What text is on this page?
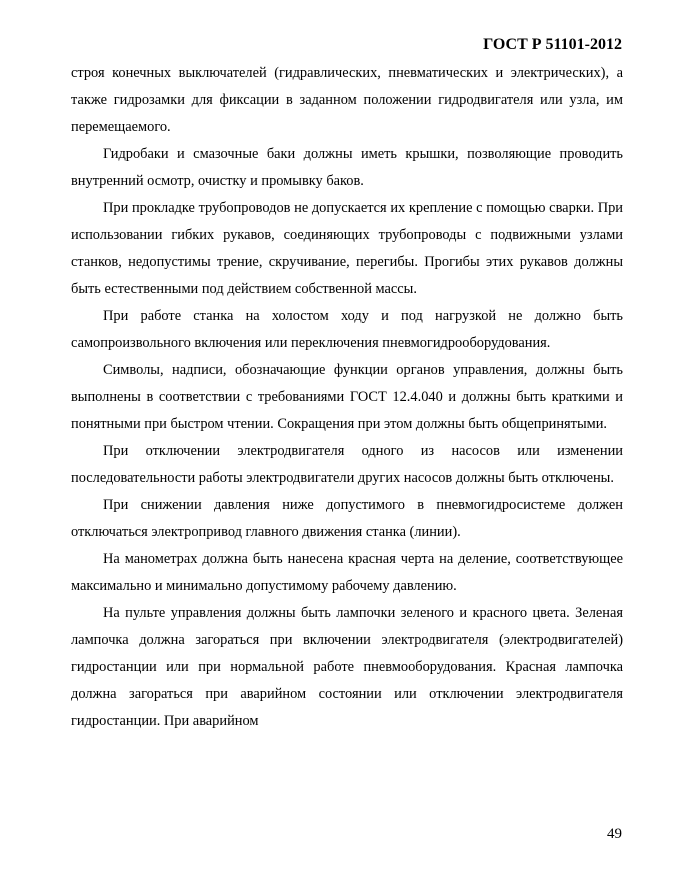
ГОСТ Р 51101-2012

строя конечных выключателей (гидравлических, пневматических и электрических), а также гидрозамки для фиксации в заданном положении гидродвигателя или узла, им перемещаемого.

Гидробаки и смазочные баки должны иметь крышки, позволяющие проводить внутренний осмотр, очистку и промывку баков.

При прокладке трубопроводов не допускается их крепление с помощью сварки. При использовании гибких рукавов, соединяющих трубопроводы с подвижными узлами станков, недопустимы трение, скручивание, перегибы. Прогибы этих рукавов должны быть естественными под действием собственной массы.

При работе станка на холостом ходу и под нагрузкой не должно быть самопроизвольного включения или переключения пневмогидрооборудования.

Символы, надписи, обозначающие функции органов управления, должны быть выполнены в соответствии с требованиями ГОСТ 12.4.040 и должны быть краткими и понятными при быстром чтении. Сокращения при этом должны быть общепринятыми.

При отключении электродвигателя одного из насосов или изменении последовательности работы электродвигатели других насосов должны быть отключены.

При снижении давления ниже допустимого в пневмогидросистеме должен отключаться электропривод главного движения станка (линии).

На манометрах должна быть нанесена красная черта на деление, соответствующее максимально и минимально допустимому рабочему давлению.

На пульте управления должны быть лампочки зеленого и красного цвета. Зеленая лампочка должна загораться при включении электродвигателя (электродвигателей) гидростанции или при нормальной работе пневмооборудования. Красная лампочка должна загораться при аварийном состоянии или отключении электродвигателя гидростанции. При аварийном

49
